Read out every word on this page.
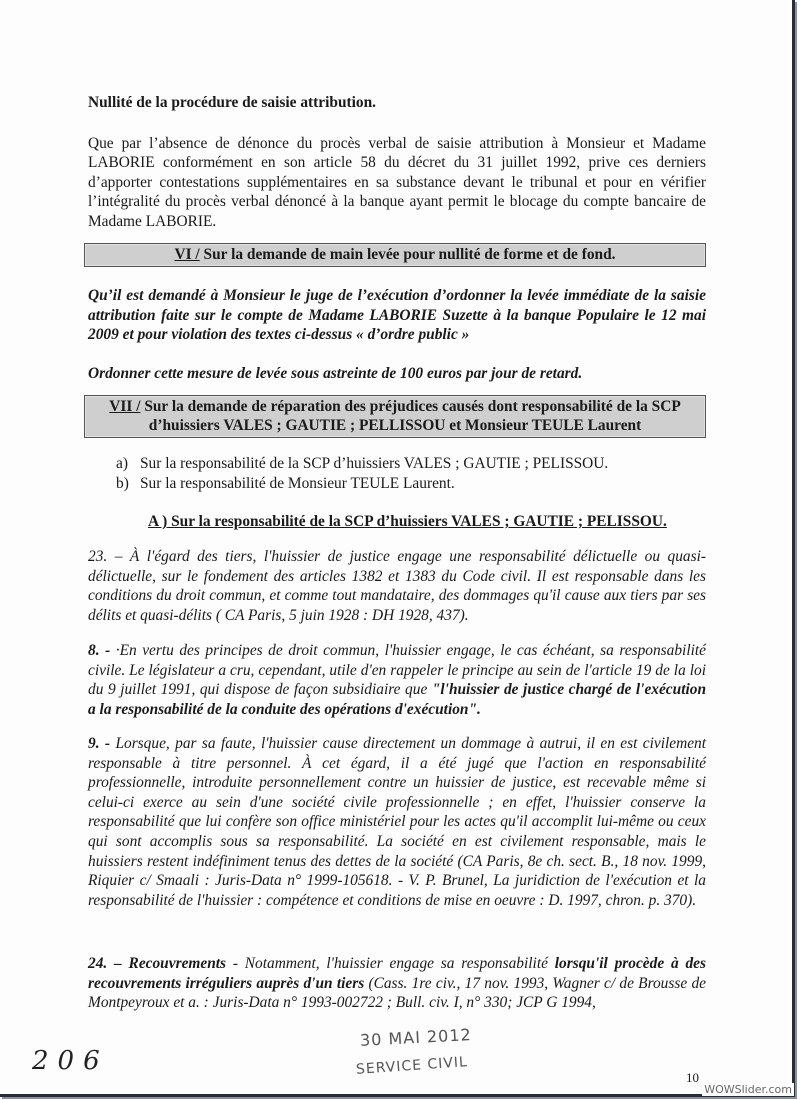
Nullité de la procédure de saisie attribution.

Que par l’absence de dénonce du procès verbal de saisie attribution à Monsieur et Madame LABORIE conformément en son article 58 du décret du 31 juillet 1992, prive ces derniers d’apporter contestations supplémentaires en sa substance devant le tribunal et pour en vérifier l’intégralité du procès verbal dénoncé à la banque ayant permit le blocage du compte bancaire de Madame LABORIE.

VI / Sur la demande de main levée pour nullité de forme et de fond.

Qu’il est demandé à Monsieur le juge de l’exécution d’ordonner la levée immédiate de la saisie attribution faite sur le compte de Madame LABORIE Suzette à la banque Populaire le 12 mai 2009 et pour violation des textes ci-dessus « d’ordre public »

Ordonner cette mesure de levée sous astreinte de 100 euros par jour de retard.

VII / Sur la demande de réparation des préjudices causés dont responsabilité de la SCP
d’huissiers VALES ; GAUTIE ; PELLISSOU et Monsieur TEULE Laurent
a) Sur la responsabilité de la SCP d’huissiers VALES ; GAUTIE ; PELISSOU.
b) Sur la responsabilité de Monsieur TEULE Laurent.

A ) Sur la responsabilité de la SCP d’huissiers VALES ; GAUTIE ; PELISSOU.

23. – À l'égard des tiers, l'huissier de justice engage une responsabilité délictuelle ou quasi-délictuelle, sur le fondement des articles 1382 et 1383 du Code civil. Il est responsable dans les conditions du droit commun, et comme tout mandataire, des dommages qu'il cause aux tiers par ses délits et quasi-délits ( CA Paris, 5 juin 1928 : DH 1928, 437).

8. - ·En vertu des principes de droit commun, l'huissier engage, le cas échéant, sa responsabilité civile. Le législateur a cru, cependant, utile d'en rappeler le principe au sein de l'article 19 de la loi du 9 juillet 1991, qui dispose de façon subsidiaire que "l'huissier de justice chargé de l'exécution a la responsabilité de la conduite des opérations d'exécution".

9. - Lorsque, par sa faute, l'huissier cause directement un dommage à autrui, il en est civilement responsable à titre personnel. À cet égard, il a été jugé que l'action en responsabilité professionnelle, introduite personnellement contre un huissier de justice, est recevable même si celui-ci exerce au sein d'une société civile professionnelle ; en effet, l'huissier conserve la responsabilité que lui confère son office ministériel pour les actes qu'il accomplit lui-même ou ceux qui sont accomplis sous sa responsabilité. La société en est civilement responsable, mais le huissiers restent indéfiniment tenus des dettes de la société (CA Paris, 8e ch. sect. B., 18 nov. 1999, Riquier c/ Smaali : Juris-Data n° 1999-105618. - V. P. Brunel, La juridiction de l'exécution et la responsabilité de l'huissier : compétence et conditions de mise en oeuvre : D. 1997, chron. p. 370).

24. – Recouvrements - Notamment, l'huissier engage sa responsabilité lorsqu'il procède à des recouvrements irréguliers auprès d'un tiers (Cass. 1re civ., 17 nov. 1993, Wagner c/ de Brousse de Montpeyroux et a. : Juris-Data n° 1993-002722 ; Bull. civ. I, n° 330; JCP G 1994,

206
30 MAI 2012
SERVICE CIVIL	10
WOWSlider.com
